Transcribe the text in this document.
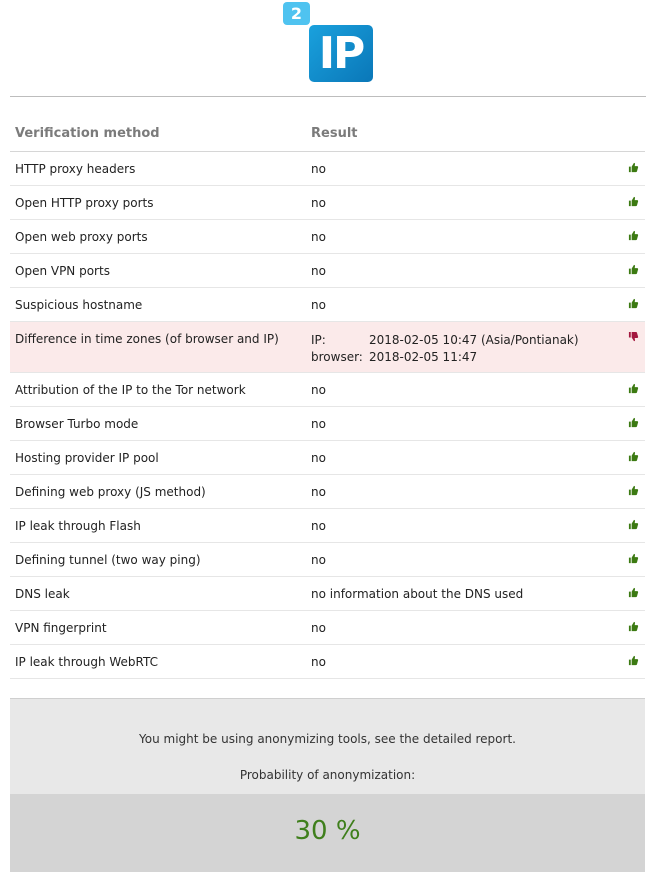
2
IP
Verification method	Result
HTTP proxy headers	no
Open HTTP proxy ports	no
Open web proxy ports	no
Open VPN ports	no
Suspicious hostname	no
Difference in time zones (of browser and IP)	IP:	2018-02-05 10:47 (Asia/Pontianak)
browser: 2018-02-05 11:47
Attribution of the IP to the Tor network	no
Browser Turbo mode	no
Hosting provider IP pool	no
Defining web proxy (JS method)	no
IP leak through Flash	no
Defining tunnel (two way ping)	no
DNS leak	no information about the DNS used
VPN fingerprint	no
IP leak through WebRTC	no
You might be using anonymizing tools, see the detailed report.
Probability of anonymization:
30 %
